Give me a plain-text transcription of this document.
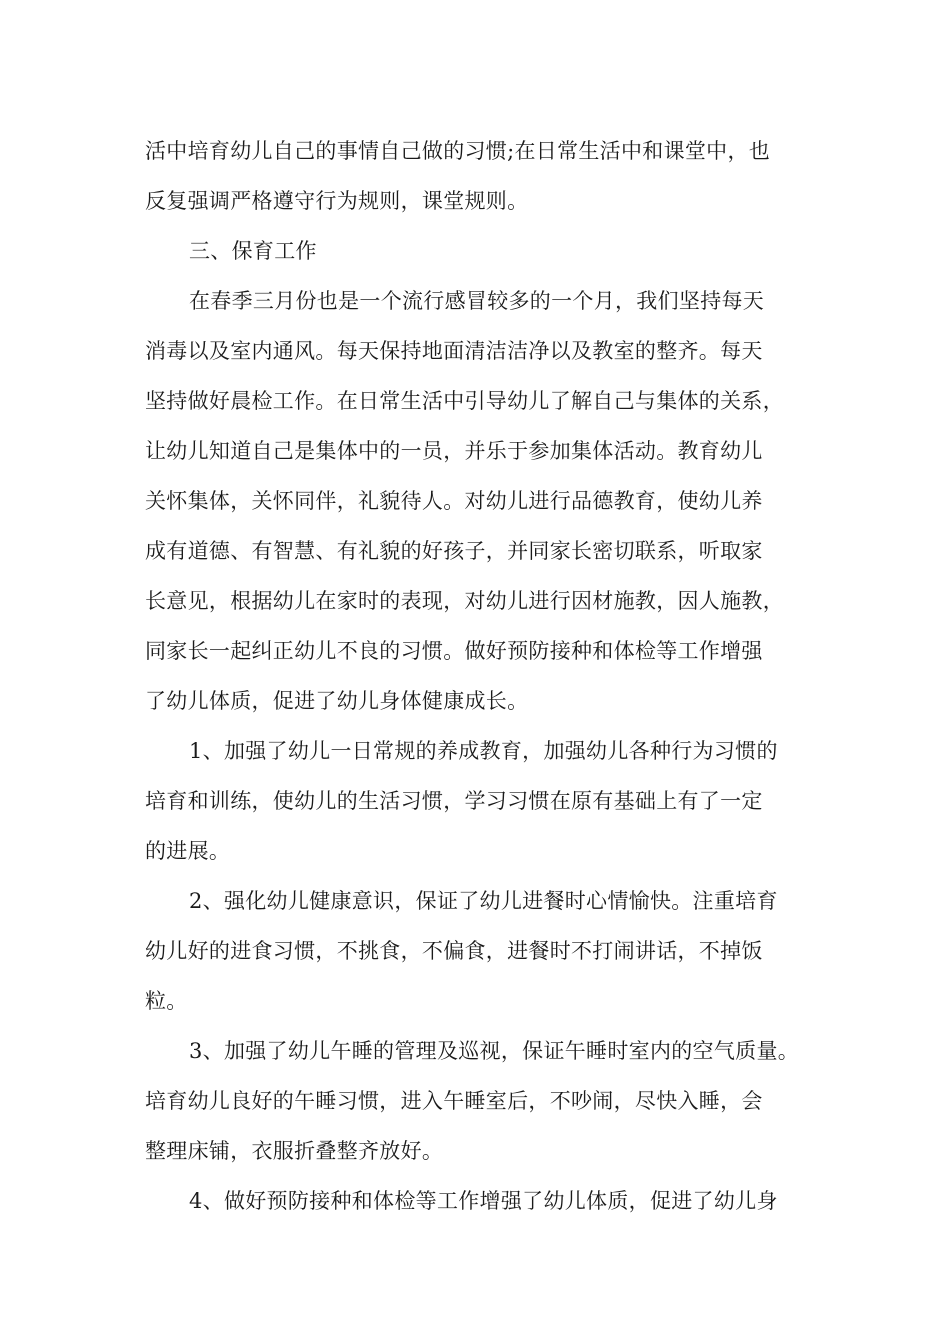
活中培育幼儿自己的事情自己做的习惯;在日常生活中和课堂中，也
反复强调严格遵守行为规则，课堂规则。
三、保育工作
在春季三月份也是一个流行感冒较多的一个月，我们坚持每天
消毒以及室内通风。每天保持地面清洁洁净以及教室的整齐。每天
坚持做好晨检工作。在日常生活中引导幼儿了解自己与集体的关系，
让幼儿知道自己是集体中的一员，并乐于参加集体活动。教育幼儿
关怀集体，关怀同伴，礼貌待人。对幼儿进行品德教育，使幼儿养
成有道德、有智慧、有礼貌的好孩子，并同家长密切联系，听取家
长意见，根据幼儿在家时的表现，对幼儿进行因材施教，因人施教，
同家长一起纠正幼儿不良的习惯。做好预防接种和体检等工作增强
了幼儿体质，促进了幼儿身体健康成长。
1、加强了幼儿一日常规的养成教育，加强幼儿各种行为习惯的
培育和训练，使幼儿的生活习惯，学习习惯在原有基础上有了一定
的进展。
2、强化幼儿健康意识，保证了幼儿进餐时心情愉快。注重培育
幼儿好的进食习惯，不挑食，不偏食，进餐时不打闹讲话，不掉饭
粒。
3、加强了幼儿午睡的管理及巡视，保证午睡时室内的空气质量。
培育幼儿良好的午睡习惯，进入午睡室后，不吵闹，尽快入睡，会
整理床铺，衣服折叠整齐放好。
4、做好预防接种和体检等工作增强了幼儿体质，促进了幼儿身
